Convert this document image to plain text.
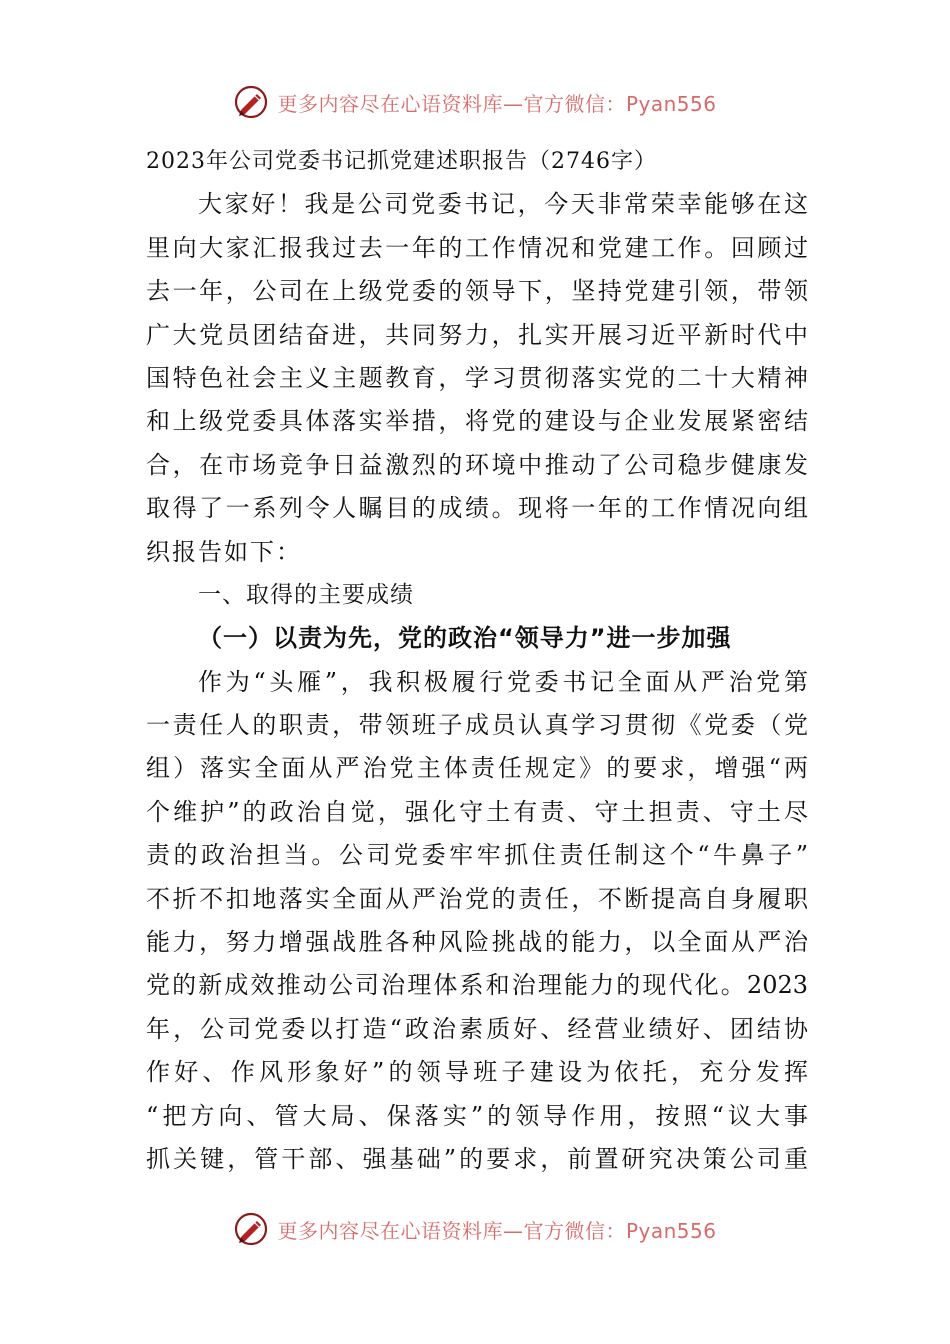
更多内容尽在心语资料库—官方微信：Pyan556
2023年公司党委书记抓党建述职报告（2746字）
大家好！我是公司党委书记，今天非常荣幸能够在这
里向大家汇报我过去一年的工作情况和党建工作。回顾过
去一年，公司在上级党委的领导下，坚持党建引领，带领
广大党员团结奋进，共同努力，扎实开展习近平新时代中
国特色社会主义主题教育，学习贯彻落实党的二十大精神
和上级党委具体落实举措，将党的建设与企业发展紧密结
合，在市场竞争日益激烈的环境中推动了公司稳步健康发
取得了一系列令人瞩目的成绩。现将一年的工作情况向组
织报告如下：
一、取得的主要成绩
（一）以责为先，党的政治“领导力”进一步加强
作为“头雁”，我积极履行党委书记全面从严治党第
一责任人的职责，带领班子成员认真学习贯彻《党委（党
组）落实全面从严治党主体责任规定》的要求，增强“两
个维护”的政治自觉，强化守土有责、守土担责、守土尽
责的政治担当。公司党委牢牢抓住责任制这个“牛鼻子”
不折不扣地落实全面从严治党的责任，不断提高自身履职
能力，努力增强战胜各种风险挑战的能力，以全面从严治
党的新成效推动公司治理体系和治理能力的现代化。2023
年，公司党委以打造“政治素质好、经营业绩好、团结协
作好、作风形象好”的领导班子建设为依托，充分发挥
“把方向、管大局、保落实”的领导作用，按照“议大事
抓关键，管干部、强基础”的要求，前置研究决策公司重
更多内容尽在心语资料库—官方微信：Pyan556
